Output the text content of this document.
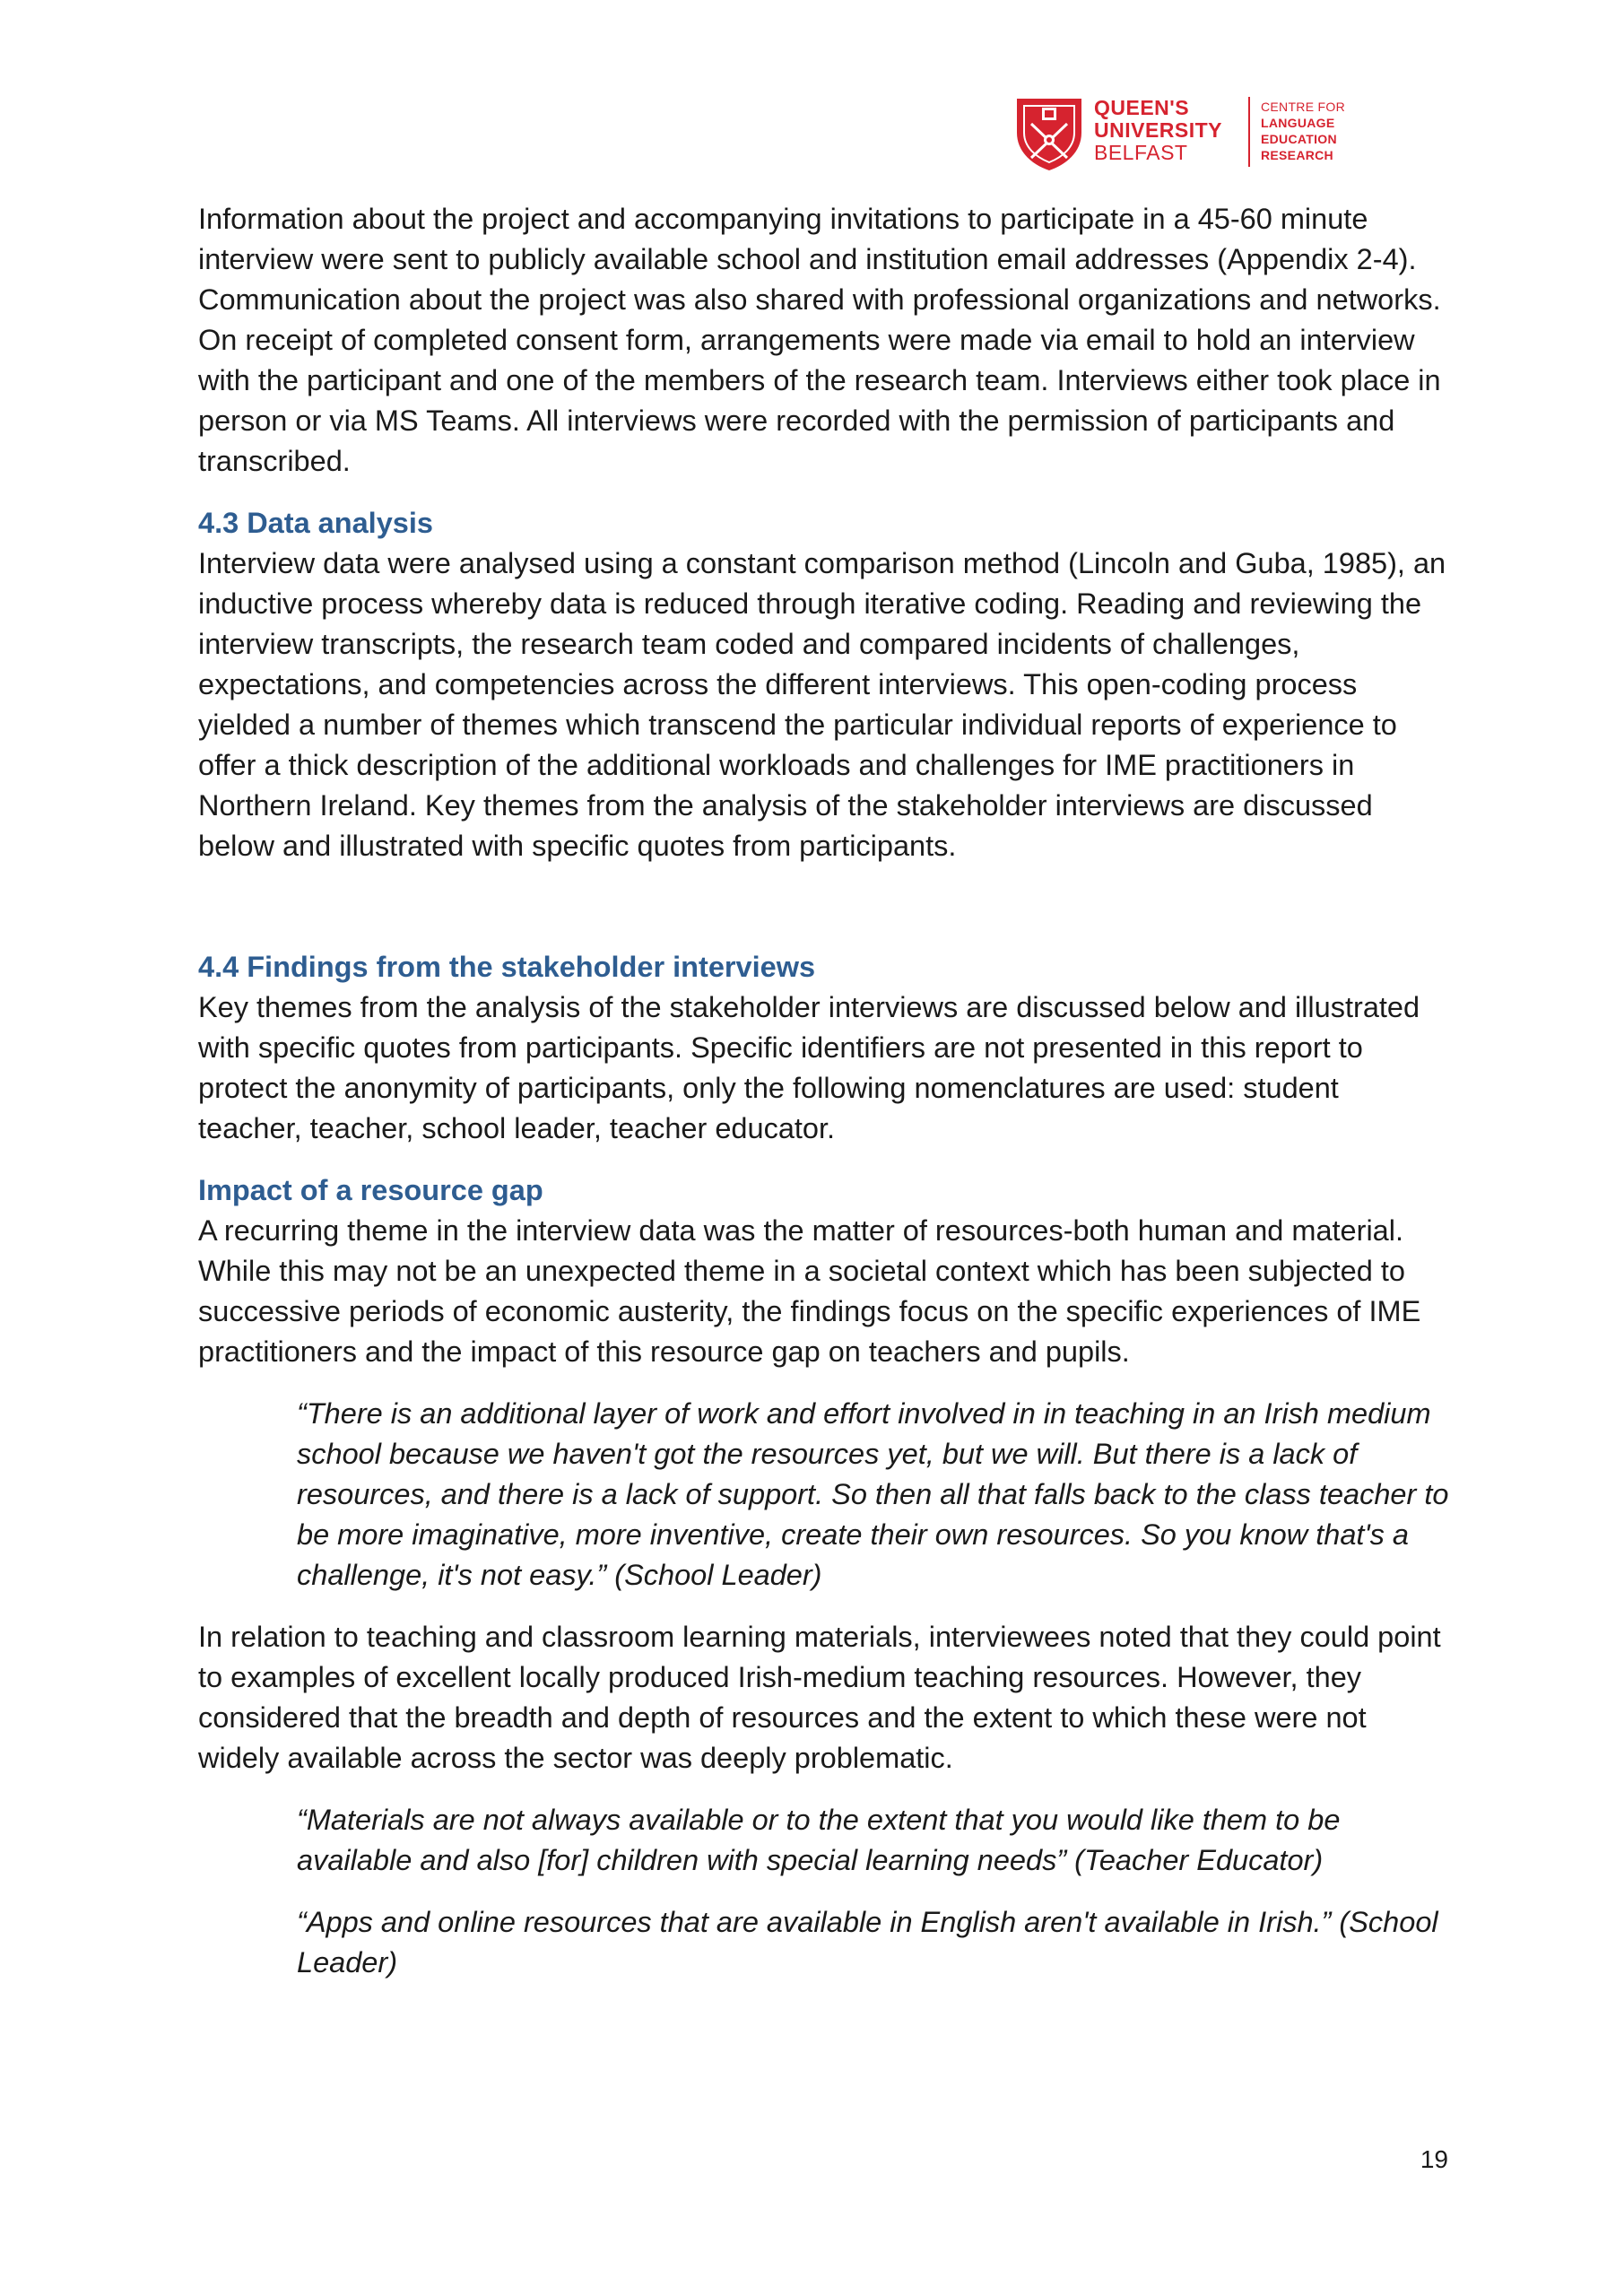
QUEEN'S
UNIVERSITY
BELFAST
CENTRE FOR
LANGUAGE
EDUCATION
RESEARCH

Information about the project and accompanying invitations to participate in a 45-60 minute interview were sent to publicly available school and institution email addresses (Appendix 2-4). Communication about the project was also shared with professional organizations and networks. On receipt of completed consent form, arrangements were made via email to hold an interview with the participant and one of the members of the research team. Interviews either took place in person or via MS Teams. All interviews were recorded with the permission of participants and transcribed.

4.3 Data analysis

Interview data were analysed using a constant comparison method (Lincoln and Guba, 1985), an inductive process whereby data is reduced through iterative coding. Reading and reviewing the interview transcripts, the research team coded and compared incidents of challenges, expectations, and competencies across the different interviews. This open-coding process yielded a number of themes which transcend the particular individual reports of experience to offer a thick description of the additional workloads and challenges for IME practitioners in Northern Ireland. Key themes from the analysis of the stakeholder interviews are discussed below and illustrated with specific quotes from participants.

4.4 Findings from the stakeholder interviews

Key themes from the analysis of the stakeholder interviews are discussed below and illustrated with specific quotes from participants. Specific identifiers are not presented in this report to protect the anonymity of participants, only the following nomenclatures are used: student teacher, teacher, school leader, teacher educator.

Impact of a resource gap

A recurring theme in the interview data was the matter of resources-both human and material. While this may not be an unexpected theme in a societal context which has been subjected to successive periods of economic austerity, the findings focus on the specific experiences of IME practitioners and the impact of this resource gap on teachers and pupils.

“There is an additional layer of work and effort involved in in teaching in an Irish medium school because we haven't got the resources yet, but we will. But there is a lack of resources, and there is a lack of support. So then all that falls back to the class teacher to be more imaginative, more inventive, create their own resources. So you know that's a challenge, it's not easy.” (School Leader)

In relation to teaching and classroom learning materials, interviewees noted that they could point to examples of excellent locally produced Irish-medium teaching resources. However, they considered that the breadth and depth of resources and the extent to which these were not widely available across the sector was deeply problematic.

“Materials are not always available or to the extent that you would like them to be available and also [for] children with special learning needs” (Teacher Educator)

“Apps and online resources that are available in English aren't available in Irish.” (School Leader)

19
